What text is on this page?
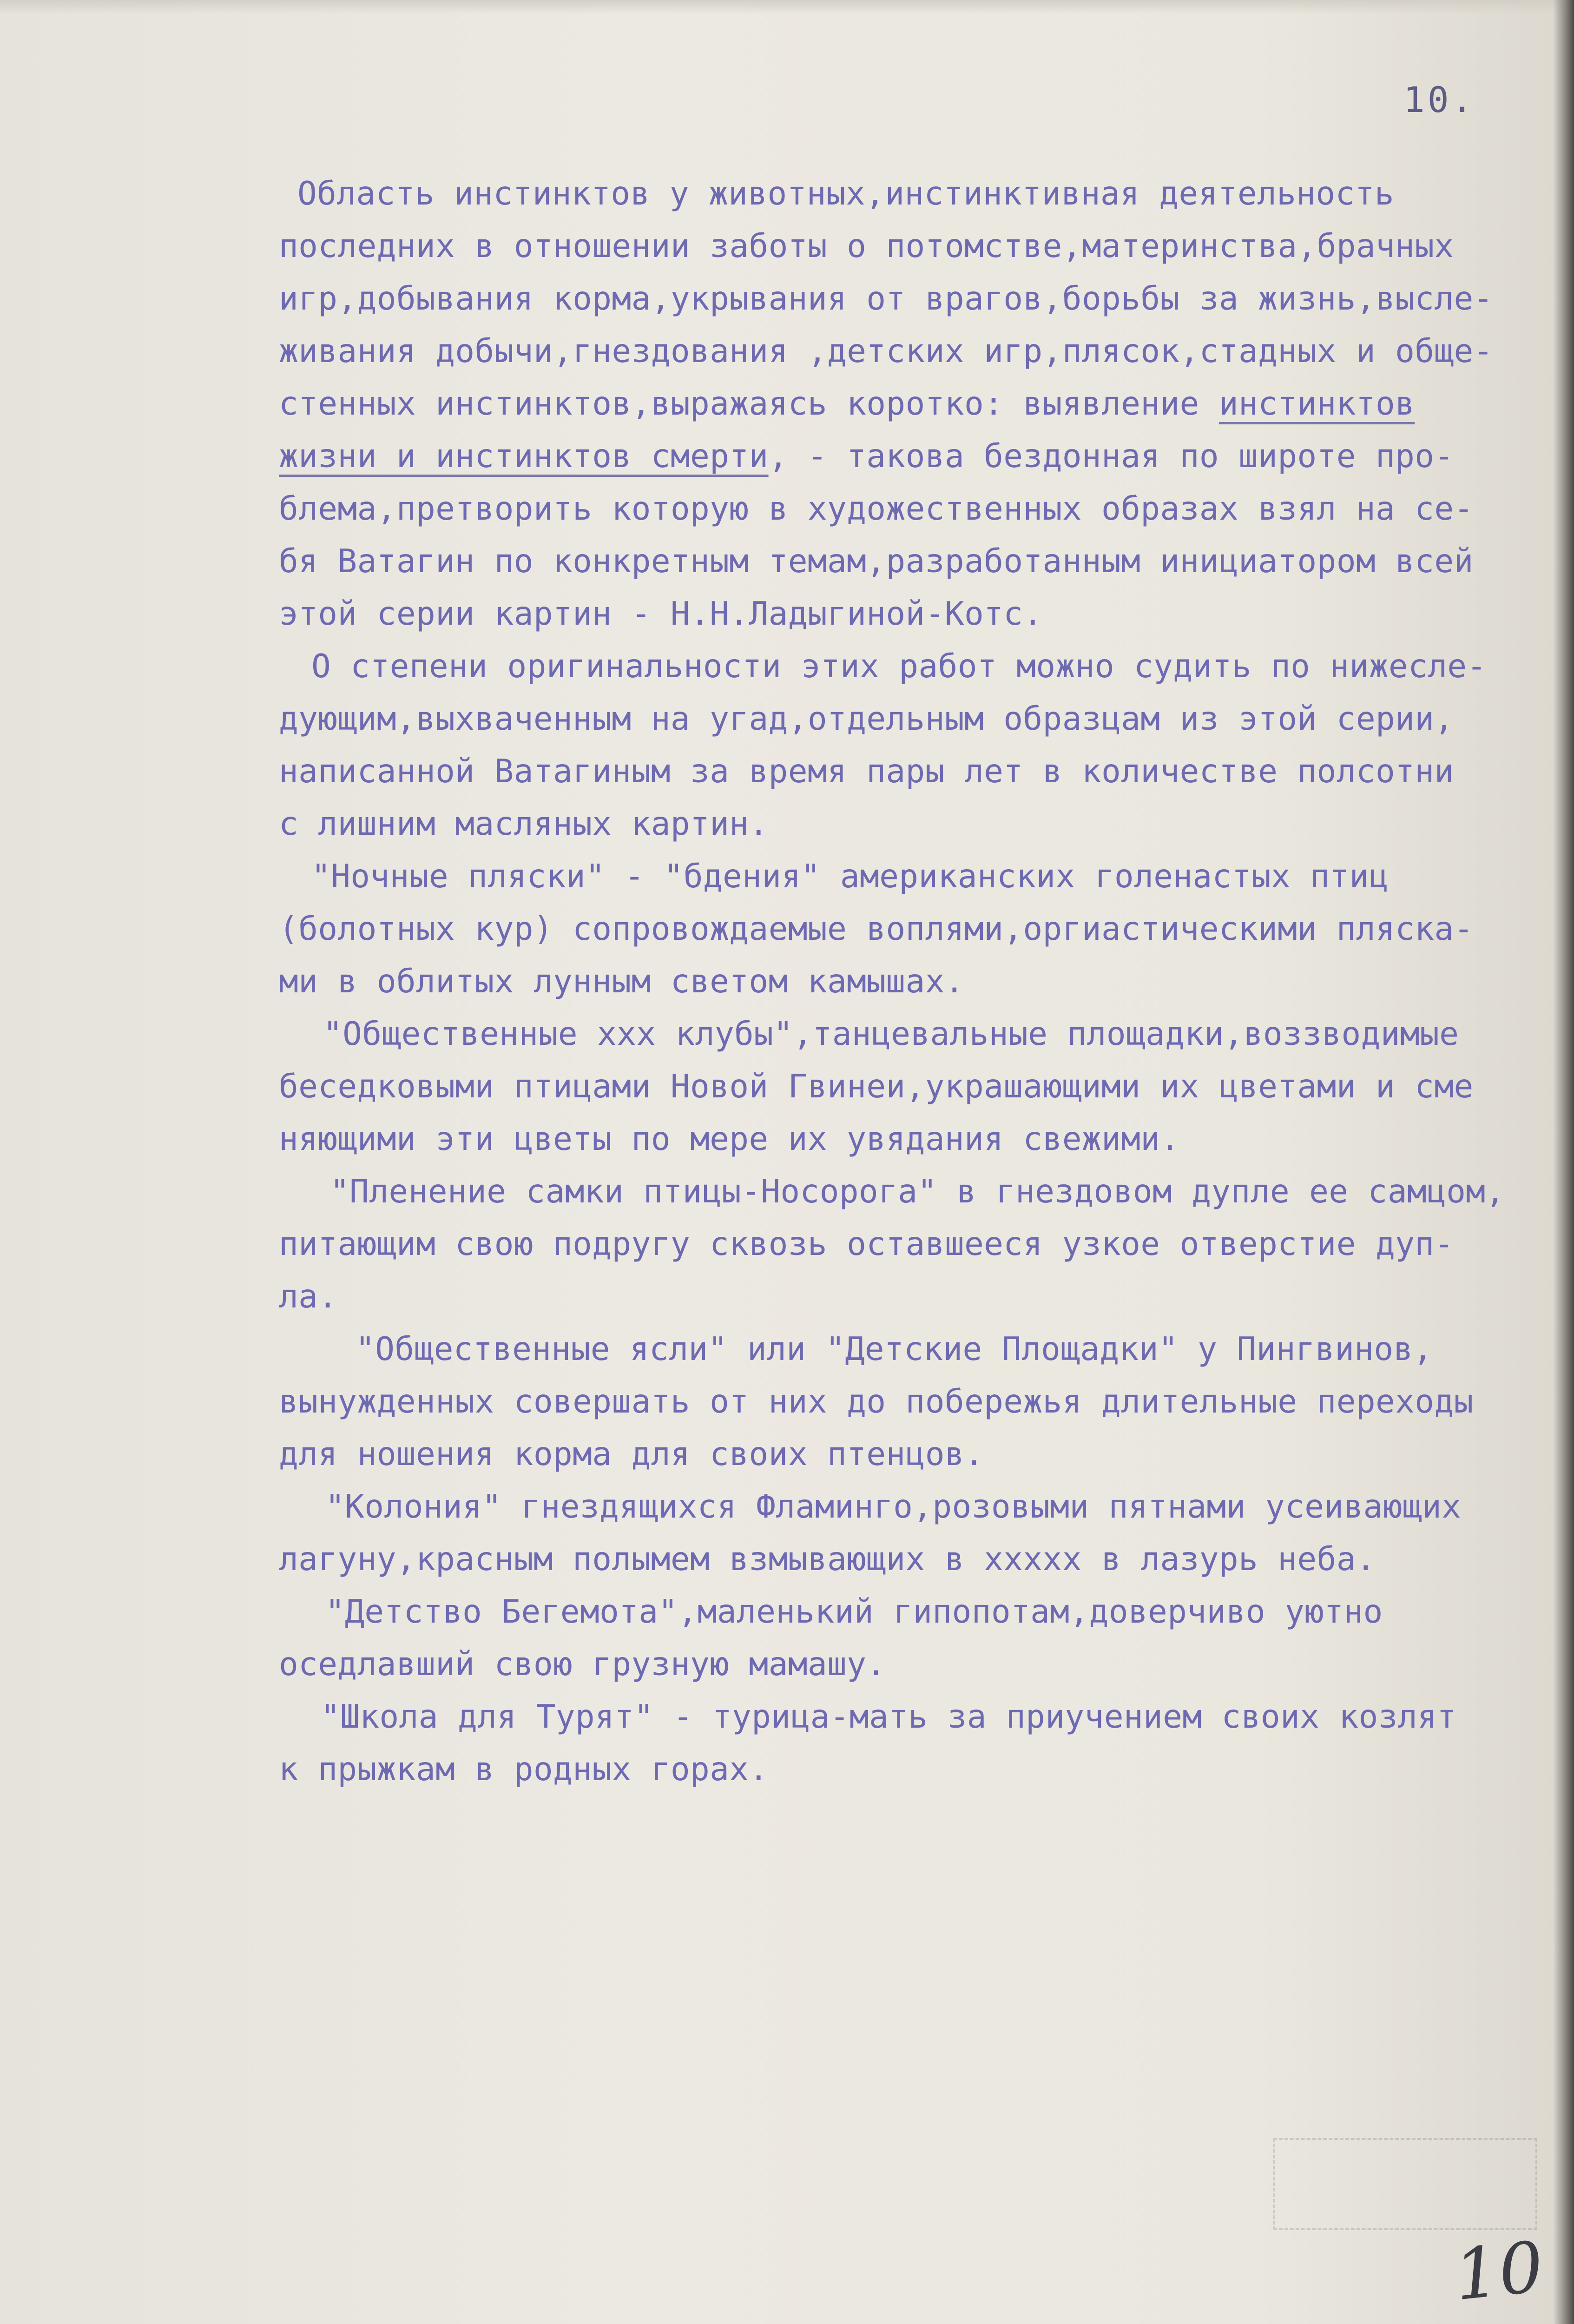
10.
Область инстинктов у животных,инстинктивная деятельность
последних в отношении заботы о потомстве,материнства,брачных
игр,добывания корма,укрывания от врагов,борьбы за жизнь,высле-
живания добычи,гнездования ,детских игр,плясок,стадных и обще-
стенных инстинктов,выражаясь коротко: выявление инстинктов
жизни и инстинктов смерти, - такова бездонная по широте про-
блема,претворить которую в художественных образах взял на се-
бя Ватагин по конкретным темам,разработанным инициатором всей
этой серии картин - Н.Н.Ладыгиной-Котс.
О степени оригинальности этих работ можно судить по нижесле-
дующим,выхваченным на угад,отдельным образцам из этой серии,
написанной Ватагиным за время пары лет в количестве полсотни
с лишним масляных картин.
"Ночные пляски" - "бдения" американских голенастых птиц
(болотных кур) сопровождаемые воплями,оргиастическими пляска-
ми в облитых лунным светом камышах.
"Общественные ххх клубы",танцевальные площадки,воззводимые
беседковыми птицами Новой Гвинеи,украшающими их цветами и сме
няющими эти цветы по мере их увядания свежими.
"Пленение самки птицы-Носорога" в гнездовом дупле ее самцом,
питающим свою подругу сквозь оставшееся узкое отверстие дуп-
ла.
"Общественные ясли" или "Детские Площадки" у Пингвинов,
вынужденных совершать от них до побережья длительные переходы
для ношения корма для своих птенцов.
"Колония" гнездящихся Фламинго,розовыми пятнами усеивающих
лагуну,красным полымем взмывающих в ххххх в лазурь неба.
"Детство Бегемота",маленький гипопотам,доверчиво уютно
оседлавший свою грузную мамашу.
"Школа для Турят" - турица-мать за приучением своих козлят
к прыжкам в родных горах.
10
